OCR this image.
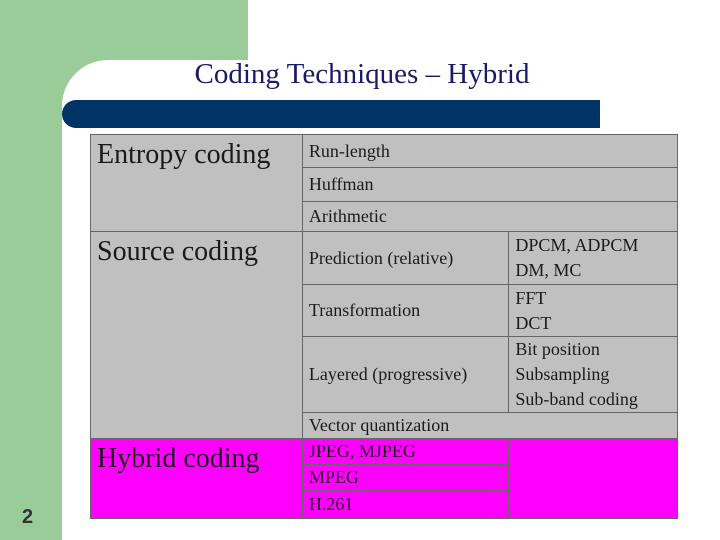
Coding Techniques – Hybrid
Entropy coding	Run-length	
	Huffman	
	Arithmetic	
Source coding	Prediction (relative)	DPCM, ADPCM
DM, MC

	Transformation	FFT
DCT

	Layered (progressive)	Bit position
Subsampling
Sub-band coding

	Vector quantization	
Hybrid coding	JPEG, MJPEG	
	MPEG	
	H.261	
2
